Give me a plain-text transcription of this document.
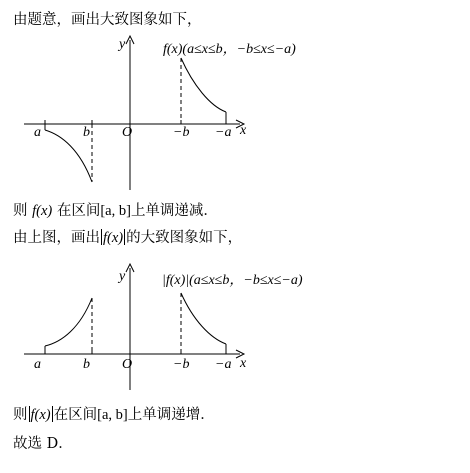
由题意，画出大致图象如下，
y
x
O
a	b	−b −a
f(x)(a≤x≤b，−b≤x≤−a)
则 f(x) 在区间[a, b]上单调递减．
由上图，画出 f(x) 的大致图象如下，
y
x
O
a	b	−b −a
|f(x)|(a≤x≤b，−b≤x≤−a)
则 f(x) 在区间[a, b]上单调递增．
故选 D．
